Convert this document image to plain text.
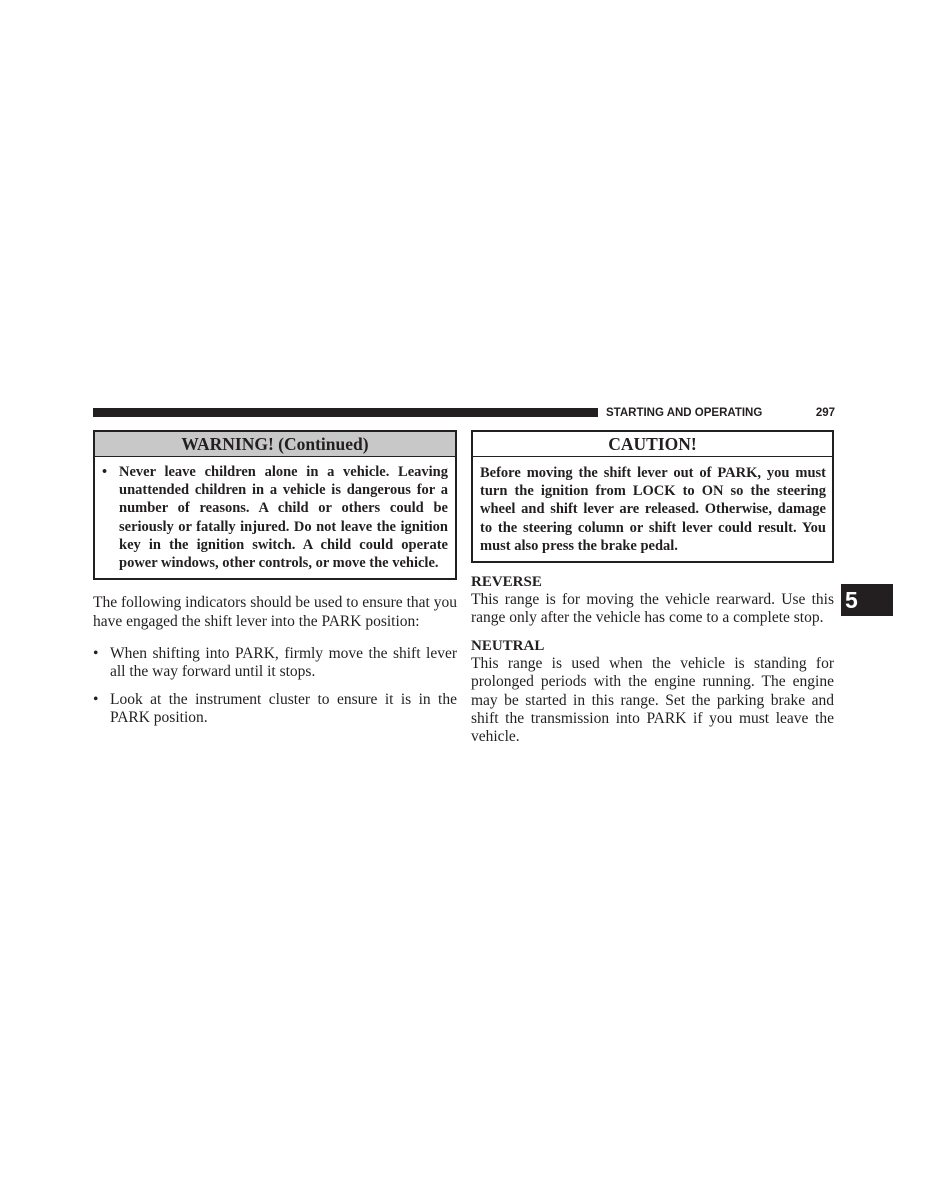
STARTING AND OPERATING	297
WARNING! (Continued)
• Never leave children alone in a vehicle. Leaving unattended children in a vehicle is dangerous for a number of reasons. A child or others could be seriously or fatally injured. Do not leave the ignition key in the ignition switch. A child could operate power windows, other controls, or move the vehicle.

The following indicators should be used to ensure that you have engaged the shift lever into the PARK position:

• When shifting into PARK, firmly move the shift lever all the way forward until it stops.
• Look at the instrument cluster to ensure it is in the PARK position.
CAUTION!
Before moving the shift lever out of PARK, you must turn the ignition from LOCK to ON so the steering wheel and shift lever are released. Otherwise, damage to the steering column or shift lever could result. You must also press the brake pedal.

REVERSE

This range is for moving the vehicle rearward. Use this range only after the vehicle has come to a complete stop.

NEUTRAL

This range is used when the vehicle is standing for prolonged periods with the engine running. The engine may be started in this range. Set the parking brake and shift the transmission into PARK if you must leave the vehicle.

5
